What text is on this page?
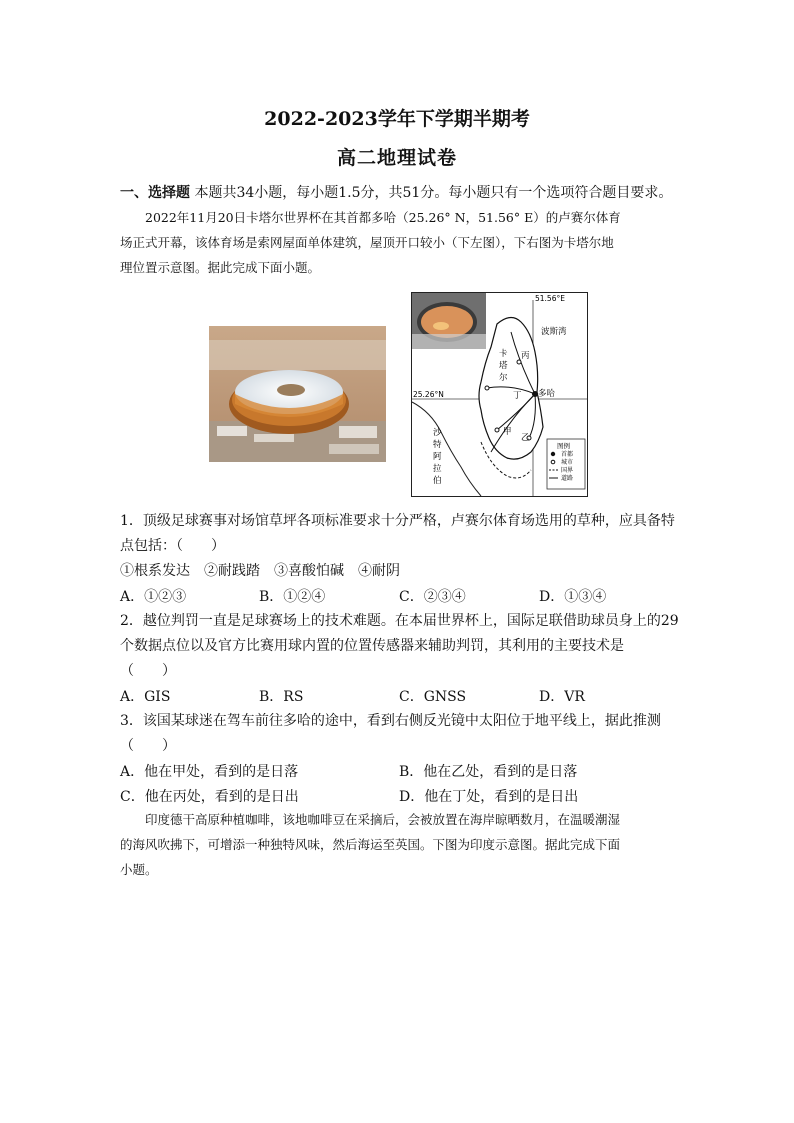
2022-2023学年下学期半期考
高二地理试卷
一、选择题 本题共34小题，每小题1.5分，共51分。每小题只有一个选项符合题目要求。
　　2022年11月20日卡塔尔世界杯在其首都多哈（25.26° N，51.56° E）的卢赛尔体育
场正式开幕，该体育场是索网屋面单体建筑，屋顶开口较小（下左图），下右图为卡塔尔地
理位置示意图。据此完成下面小题。
51.56°E
25.26°N
波斯湾
卡
塔
尔
沙
特
阿
拉
伯
多哈
丙
丁
甲
乙
图例
首都
城市
国界
道路
1．顶级足球赛事对场馆草坪各项标准要求十分严格，卢赛尔体育场选用的草种，应具备特
点包括：（　　）
①根系发达　②耐践踏　③喜酸怕碱　④耐阴
A．①②③	B．①②④	C．②③④	D．①③④
2．越位判罚一直是足球赛场上的技术难题。在本届世界杯上，国际足联借助球员身上的29
个数据点位以及官方比赛用球内置的位置传感器来辅助判罚，其利用的主要技术是
（　　）
A．GIS	B．RS	C．GNSS	D．VR
3．该国某球迷在驾车前往多哈的途中，看到右侧反光镜中太阳位于地平线上，据此推测
（　　）
A．他在甲处，看到的是日落	B．他在乙处，看到的是日落
C．他在丙处，看到的是日出	D．他在丁处，看到的是日出
　　印度德干高原种植咖啡，该地咖啡豆在采摘后，会被放置在海岸晾晒数月，在温暖潮湿
的海风吹拂下，可增添一种独特风味，然后海运至英国。下图为印度示意图。据此完成下面
小题。
